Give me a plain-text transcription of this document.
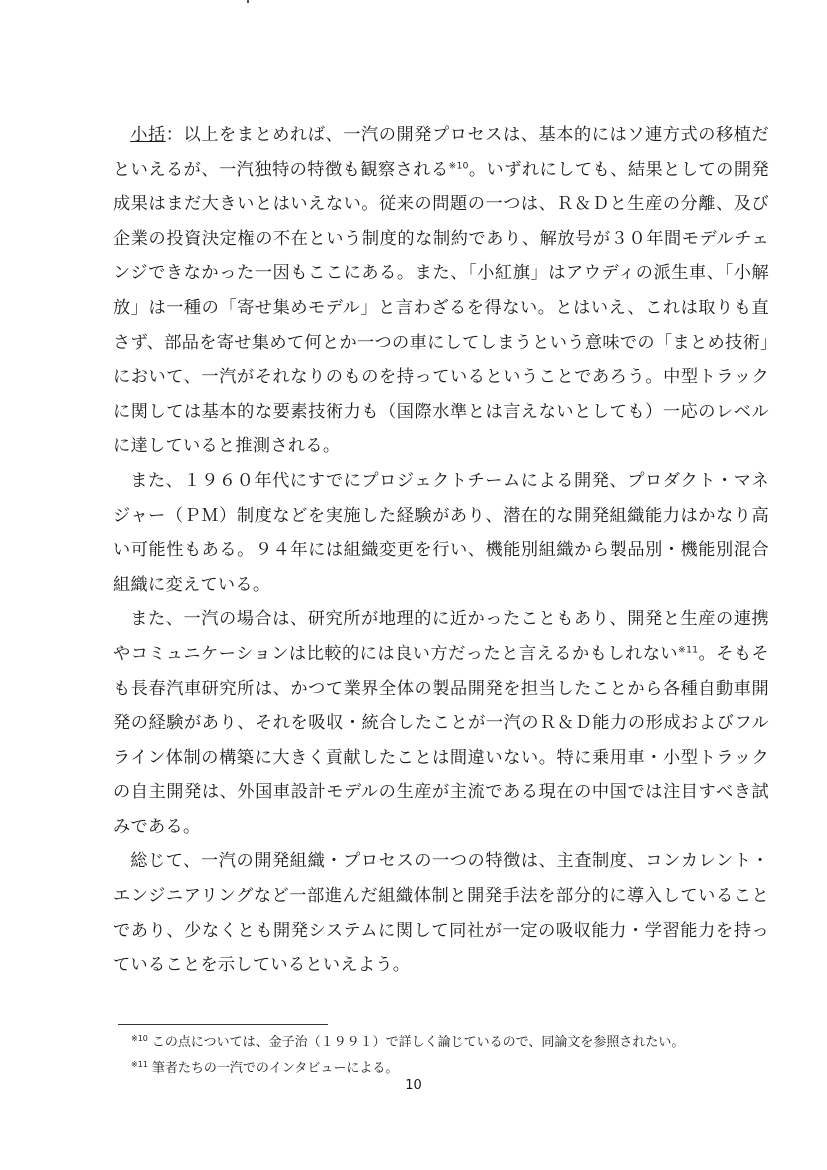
小括：以上をまとめれば、一汽の開発プロセスは、基本的にはソ連方式の移植だといえるが、一汽独特の特徴も観察される$^{※10}$。いずれにしても、結果としての開発成果はまだ大きいとはいえない。従来の問題の一つは、Ｒ＆Ｄと生産の分離、及び企業の投資決定権の不在という制度的な制約であり、解放号が３０年間モデルチェンジできなかった一因もここにある。また、「小紅旗」はアウディの派生車、「小解放」は一種の「寄せ集めモデル」と言わざるを得ない。とはいえ、これは取りも直さず、部品を寄せ集めて何とか一つの車にしてしまうという意味での「まとめ技術」において、一汽がそれなりのものを持っているということであろう。中型トラックに関しては基本的な要素技術力も（国際水準とは言えないとしても）一応のレベルに達していると推測される。

また、１９６０年代にすでにプロジェクトチームによる開発、プロダクト・マネジャー（ＰＭ）制度などを実施した経験があり、潜在的な開発組織能力はかなり高い可能性もある。９４年には組織変更を行い、機能別組織から製品別・機能別混合組織に変えている。

また、一汽の場合は、研究所が地理的に近かったこともあり、開発と生産の連携やコミュニケーションは比較的には良い方だったと言えるかもしれない$^{※11}$。そもそも長春汽車研究所は、かつて業界全体の製品開発を担当したことから各種自動車開発の経験があり、それを吸収・統合したことが一汽のＲ＆Ｄ能力の形成およびフルライン体制の構築に大きく貢献したことは間違いない。特に乗用車・小型トラックの自主開発は、外国車設計モデルの生産が主流である現在の中国では注目すべき試みである。

総じて、一汽の開発組織・プロセスの一つの特徴は、主査制度、コンカレント・エンジニアリングなど一部進んだ組織体制と開発手法を部分的に導入していることであり、少なくとも開発システムに関して同社が一定の吸収能力・学習能力を持っていることを示しているといえよう。

$^{※10}$ この点については、金子治（１９９１）で詳しく論じているので、同論文を参照されたい。
$^{※11}$ 筆者たちの一汽でのインタビューによる。
10
